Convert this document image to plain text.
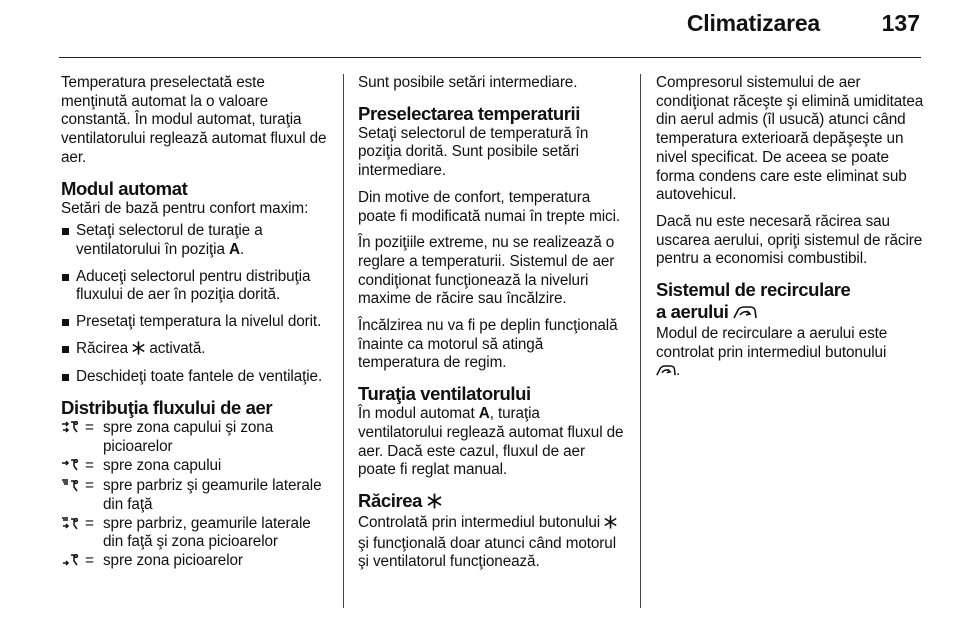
Climatizarea	137

Temperatura preselectată este menţinută automat la o valoare constantă. În modul automat, turaţia ventilatorului reglează automat fluxul de aer.

Modul automat

Setări de bază pentru confort maxim:

Setaţi selectorul de turaţie a ventilatorului în poziţia A.
Aduceţi selectorul pentru distribuţia fluxului de aer în poziţia dorită.
Presetaţi temperatura la nivelul dorit.
Răcirea  activată.
Deschideţi toate fantele de ventilaţie.
Distribuţia fluxului de aer
= spre zona capului şi zona picioarelor
= spre zona capului
= spre parbriz şi geamurile laterale din faţă
= spre parbriz, geamurile laterale din faţă şi zona picioarelor
= spre zona picioarelor

Sunt posibile setări intermediare.

Preselectarea temperaturii

Setaţi selectorul de temperatură în poziţia dorită. Sunt posibile setări intermediare.

Din motive de confort, temperatura poate fi modificată numai în trepte mici.

În poziţiile extreme, nu se realizează o reglare a temperaturii. Sistemul de aer condiţionat funcţionează la niveluri maxime de răcire sau încălzire.

Încălzirea nu va fi pe deplin funcţională înainte ca motorul să atingă temperatura de regim.

Turaţia ventilatorului

În modul automat A, turaţia ventilatorului reglează automat fluxul de aer. Dacă este cazul, fluxul de aer poate fi reglat manual.

Răcirea

Controlată prin intermediul butonului  şi funcţională doar atunci când motorul şi ventilatorul funcţionează.

Compresorul sistemului de aer condiţionat răceşte şi elimină umiditatea din aerul admis (îl usucă) atunci când temperatura exterioară depăşeşte un nivel specificat. De aceea se poate forma condens care este eliminat sub autovehicul.

Dacă nu este necesară răcirea sau uscarea aerului, opriţi sistemul de răcire pentru a economisi combustibil.

Sistemul de recirculare
a aerului

Modul de recirculare a aerului este controlat prin intermediul butonului
.
